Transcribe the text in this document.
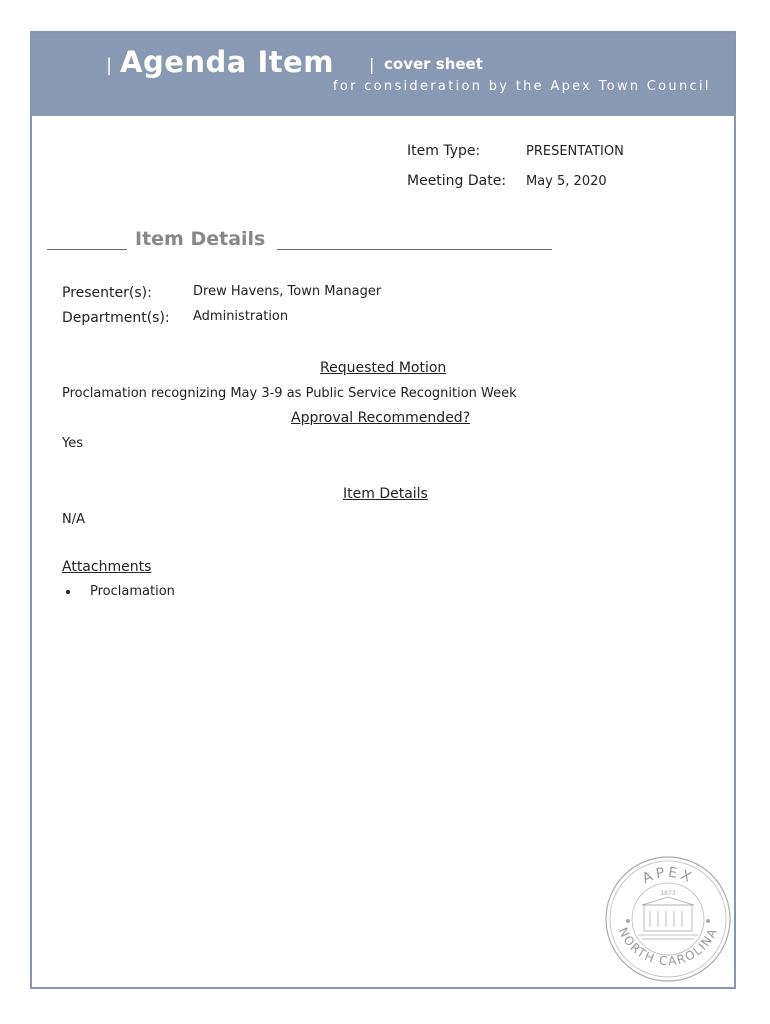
| Agenda Item | cover sheet
for consideration by the Apex Town Council
Item Type:	PRESENTATION
Meeting Date: May 5, 2020
Item Details
Presenter(s):	Drew Havens, Town Manager
Department(s): Administration
Requested Motion
Proclamation recognizing May 3-9 as Public Service Recognition Week
Approval Recommended?
Yes
Item Details
N/A
Attachments
Proclamation
APEX
NORTH CAROLINA
1873
